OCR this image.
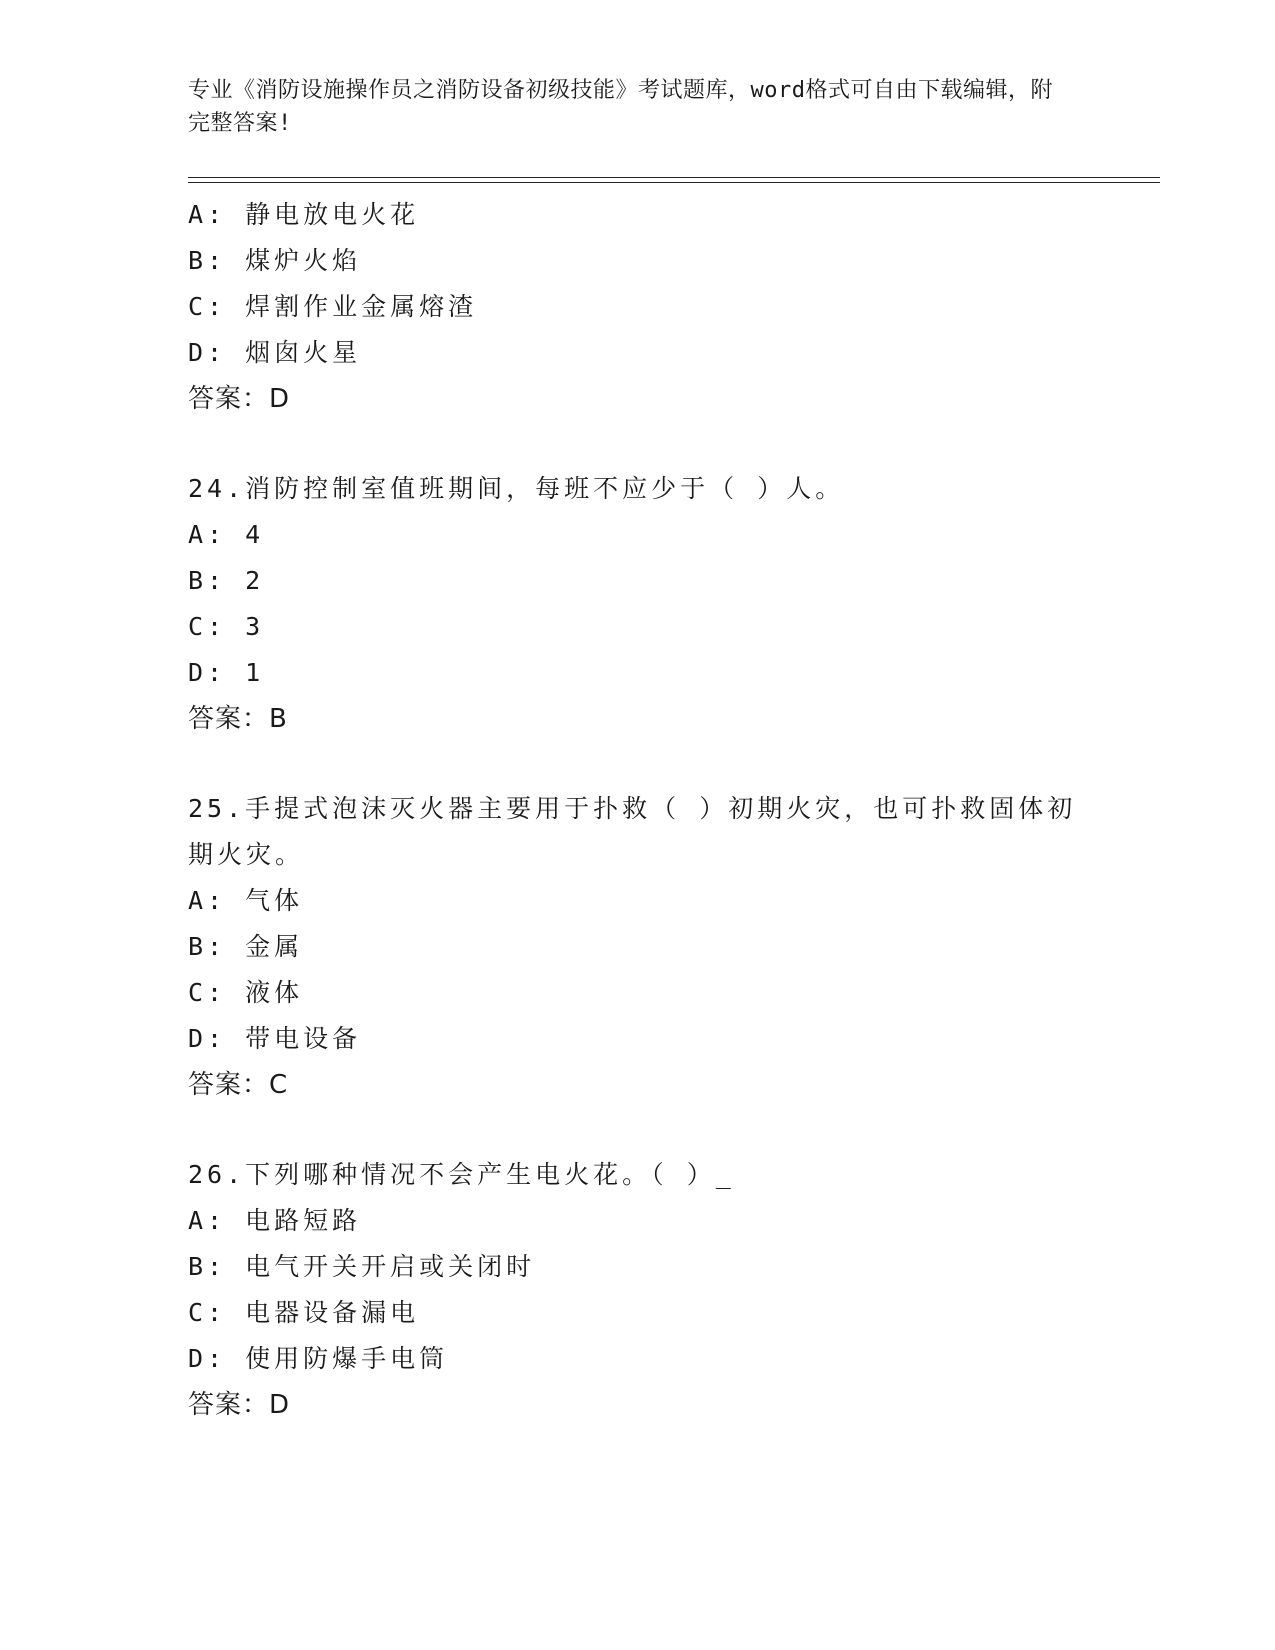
专业《消防设施操作员之消防设备初级技能》考试题库，word格式可自由下载编辑，附完整答案!
A: 静电放电火花
B: 煤炉火焰
C: 焊割作业金属熔渣
D: 烟囱火星
答案：D
24.消防控制室值班期间，每班不应少于（ ）人。
A: 4
B: 2
C: 3
D: 1
答案：B
25.手提式泡沫灭火器主要用于扑救（ ）初期火灾，也可扑救固体初期火灾。
A: 气体
B: 金属
C: 液体
D: 带电设备
答案：C
26.下列哪种情况不会产生电火花。（ ）_
A: 电路短路
B: 电气开关开启或关闭时
C: 电器设备漏电
D: 使用防爆手电筒
答案：D
